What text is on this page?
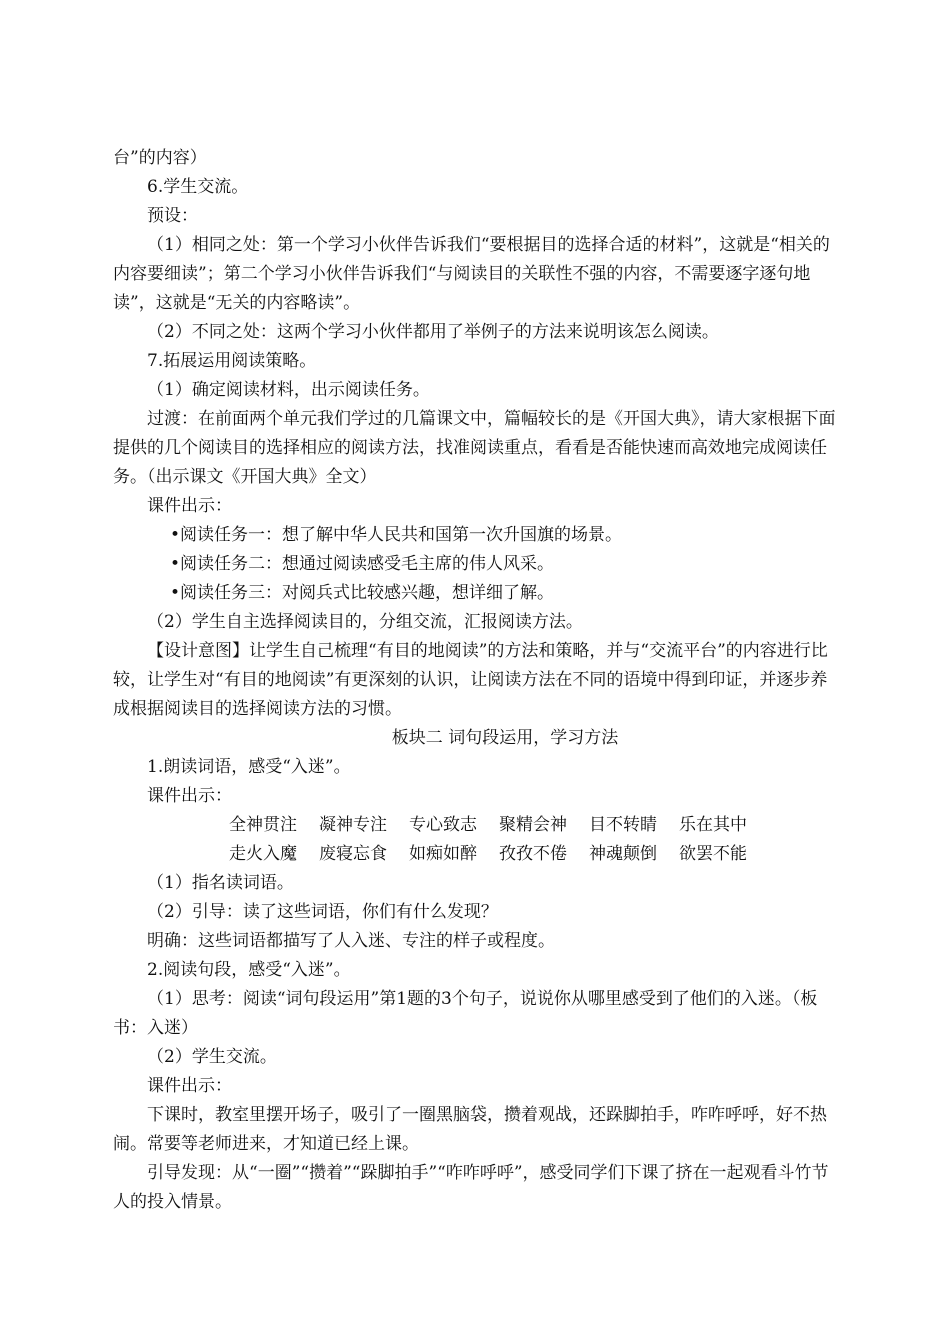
台”的内容）

6.学生交流。

预设：

（1）相同之处：第一个学习小伙伴告诉我们“要根据目的选择合适的材料”，这就是“相关的内容要细读”；第二个学习小伙伴告诉我们“与阅读目的关联性不强的内容，不需要逐字逐句地读”，这就是“无关的内容略读”。

（2）不同之处：这两个学习小伙伴都用了举例子的方法来说明该怎么阅读。

7.拓展运用阅读策略。

（1）确定阅读材料，出示阅读任务。

过渡：在前面两个单元我们学过的几篇课文中，篇幅较长的是《开国大典》，请大家根据下面提供的几个阅读目的选择相应的阅读方法，找准阅读重点，看看是否能快速而高效地完成阅读任务。（出示课文《开国大典》全文）

课件出示：

•阅读任务一：想了解中华人民共和国第一次升国旗的场景。

•阅读任务二：想通过阅读感受毛主席的伟人风采。

•阅读任务三：对阅兵式比较感兴趣，想详细了解。

（2）学生自主选择阅读目的，分组交流，汇报阅读方法。

【设计意图】让学生自己梳理“有目的地阅读”的方法和策略，并与“交流平台”的内容进行比较，让学生对“有目的地阅读”有更深刻的认识，让阅读方法在不同的语境中得到印证，并逐步养成根据阅读目的选择阅读方法的习惯。

板块二 词句段运用，学习方法

1.朗读词语，感受“入迷”。

课件出示：

全神贯注 凝神专注 专心致志 聚精会神 目不转睛 乐在其中

走火入魔 废寝忘食 如痴如醉 孜孜不倦 神魂颠倒 欲罢不能

（1）指名读词语。

（2）引导：读了这些词语，你们有什么发现？

明确：这些词语都描写了人入迷、专注的样子或程度。

2.阅读句段，感受“入迷”。

（1）思考：阅读“词句段运用”第1题的3个句子，说说你从哪里感受到了他们的入迷。（板书：入迷）

（2）学生交流。

课件出示：

下课时，教室里摆开场子，吸引了一圈黑脑袋，攒着观战，还跺脚拍手，咋咋呼呼，好不热闹。常要等老师进来，才知道已经上课。

引导发现：从“一圈”“攒着”“跺脚拍手”“咋咋呼呼”，感受同学们下课了挤在一起观看斗竹节人的投入情景。
